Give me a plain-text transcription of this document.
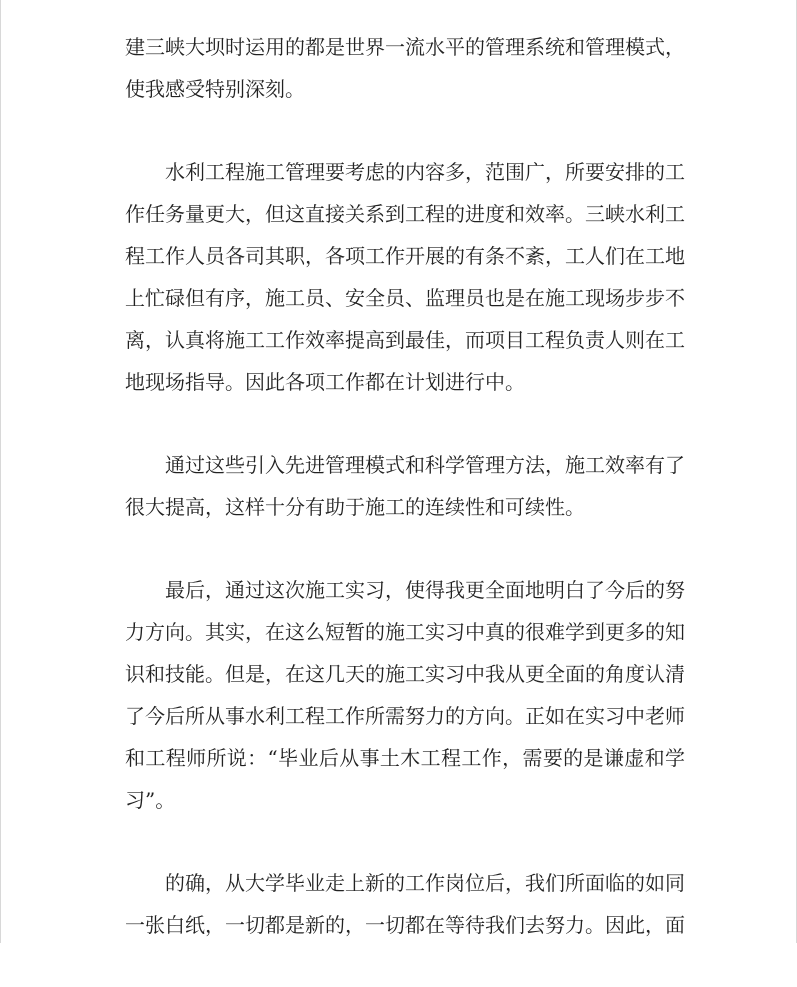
建三峡大坝时运用的都是世界一流水平的管理系统和管理模式，使我感受特别深刻。

水利工程施工管理要考虑的内容多，范围广，所要安排的工作任务量更大，但这直接关系到工程的进度和效率。三峡水利工程工作人员各司其职，各项工作开展的有条不紊，工人们在工地上忙碌但有序，施工员、安全员、监理员也是在施工现场步步不离，认真将施工工作效率提高到最佳，而项目工程负责人则在工地现场指导。因此各项工作都在计划进行中。

通过这些引入先进管理模式和科学管理方法，施工效率有了很大提高，这样十分有助于施工的连续性和可续性。

最后，通过这次施工实习，使得我更全面地明白了今后的努力方向。其实，在这么短暂的施工实习中真的很难学到更多的知识和技能。但是，在这几天的施工实习中我从更全面的角度认清了今后所从事水利工程工作所需努力的方向。正如在实习中老师和工程师所说：“毕业后从事土木工程工作，需要的是谦虚和学习”。

的确，从大学毕业走上新的工作岗位后，我们所面临的如同一张白纸，一切都是新的，一切都在等待我们去努力。因此，面
